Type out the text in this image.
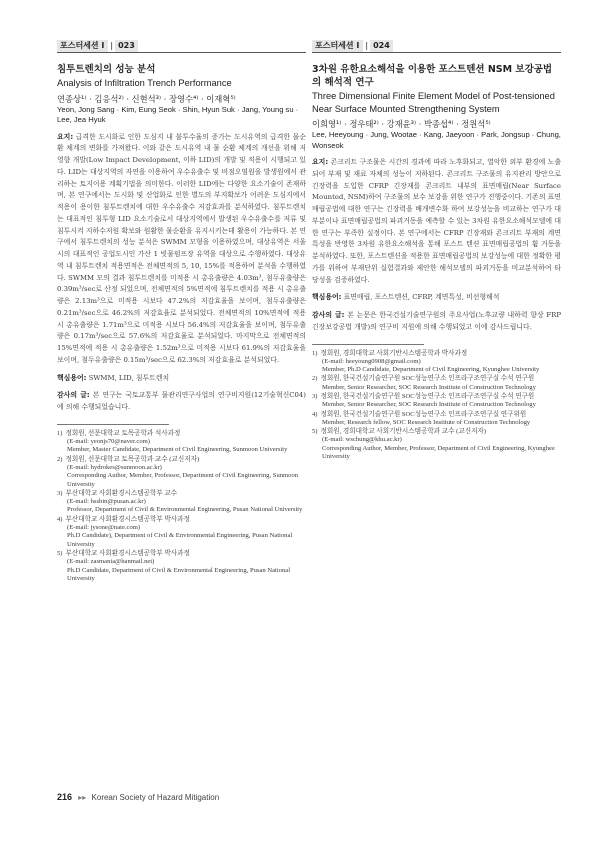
포스터세션 Ⅰ | 023
침투트렌치의 성능 분석
Analysis of Infiltration Trench Performance
연종상¹⁾ · 김응석²⁾ · 신현석³⁾ · 장영수⁴⁾ · 이재혁⁵⁾
Yeon, Jong Sang · Kim, Eung Seok · Shin, Hyun Suk · Jang, Young su · Lee, Jea Hyuk

요지: 급격한 도시화로 인한 도심지 내 불투수율의 증가는 도시유역의 급격한 물순환 체계의 변화를 가져왔다. 이와 같은 도시유역 내 물 순환 체계의 개선을 위해 저영향 개발(Low Impact Development, 이하 LID)의 개발 및 적용이 시행되고 있다. LID는 대상지역의 자연을 이용하여 우수유출수 및 비점오염원을 발생원에서 관리하는 토지이용 계획기법을 의미한다. 이러한 LID에는 다양한 요소기술이 존재하며, 본 연구에서는 도시화 및 산업화로 인한 별도의 부지확보가 어려운 도심지에서 적용이 용이한 침투트렌치에 대한 우수유출수 저감효과를 분석하였다. 침투트렌치는 대표적인 침투형 LID 요소기술로서 대상지역에서 발생된 우수유출수를 저류 및 침투시켜 지하수저원 확보와 원활한 물순환을 유지시키는데 활용이 가능하다. 본 연구에서 침투트렌치의 성능 분석은 SWMM 모형을 이용하였으며, 대상유역은 서울시의 대표적인 공업도시인 가산 1 빗물펌프장 유역을 대상으로 수행하였다. 대상유역 내 침투트렌치 적용면적은 전체면적의 5, 10, 15%를 적용하여 분석을 수행하였다. SWMM 모의 결과 침투트렌치를 미적용 시 총유출량은 4.03m³, 첨두유출량은 0.39m³/sec로 산정 되었으며, 전체면적의 5%면적에 침투트렌치를 적용 시 총유출량은 2.13m³으로 미적용 시보다 47.2%의 저감효율을 보이며, 첨두유출량은 0.21m³/sec으로 46.2%의 저감효율로 분석되었다. 전체면적의 10%면적에 적용시 총유출량은 1.71m³으로 미적용 시보다 56.4%의 저감효율을 보이며, 첨두유출량은 0.17m³/sec으로 57.6%의 저감효율로 분석되었다. 마지막으로 전체면적의 15%면적에 적용 시 총유출량은 1.52m³으로 미적용 시보다 61.9%의 저감효율을 보이며, 첨두유출량은 0.15m³/sec으로 62.3%의 저감효율로 분석되었다.

핵심용어: SWMM, LID, 침투트렌치

감사의 글: 본 연구는 국토교통부 물관리연구사업의 연구비지원(12기술혁신C04)에 의해 수행되었습니다.

1) 정회원, 선문대학교 토목공학과 석사과정
(E-mail: yeonjs70@naver.com)
Member, Master Candidate, Department of Civil Engineering, Sunmoon University
2) 정회원, 선문대학교 토목공학과 교수 (교신저자)
(E-mail: hydrokes@sunmoon.ac.kr)
Corresponding Author, Member, Professor, Department of Civil Engineering, Sunmoon University
3) 부산대학교 사회환경시스템공학부 교수
(E-mail: hsshin@pusan.ac.kr)
Professor, Department of Civil & Environmental Engineering, Pusan National University
4) 부산대학교 사회환경시스템공학부 박사과정
(E-mail: jysone@nate.com)
Ph.D Candidate), Department of Civil & Environmental Engineering, Pusan National University
5) 부산대학교 사회환경시스템공학부 박사과정
(E-mail: zasmania@hanmail.net)
Ph.D Candidate, Department of Civil & Environmental Engineering, Pusan National University
포스터세션 Ⅰ | 024
3차원 유한요소해석을 이용한 포스트텐션 NSM 보강공법의 해석적 연구
Three Dimensional Finite Element Model of Post-tensioned Near Surface Mounted Strengthening System
이희영¹⁾ · 정우태²⁾ · 강재윤³⁾ · 박종섭⁴⁾ · 정원석⁵⁾
Lee, Heeyoung · Jung, Wootae · Kang, Jaeyoon · Park, Jongsup · Chung, Wonseok

요지: 콘크리트 구조물은 시간의 경과에 따라 노후화되고, 열악한 외부 환경에 노출되어 부재 및 재료 자체의 성능이 저하된다. 콘크리트 구조물의 유지관리 방안으로 긴장력을 도입한 CFRP 긴장재를 콘크리트 내부의 표면매립(Near Surface Mounted, NSM)하여 구조물의 보수 보강을 위한 연구가 진행중이다. 기존의 표면매립공법에 대한 연구는 긴장력을 배개변수화 하여 보강성능을 비교하는 연구가 대부분이나 표면매립공법의 파괴거동을 예측할 수 있는 3차원 유한요소해석모델에 대한 연구는 부족한 실정이다. 본 연구에서는 CFRP 긴장재와 콘크리트 부재의 계면 특성을 반영한 3차원 유한요소해석을 통해 포스트 텐션 표면매립공법의 휨 거동을 분석하였다. 또한, 포스트텐션을 적용한 표면매립공법의 보강성능에 대한 정확한 평가를 위하여 부재단위 실험결과와 제안한 해석모델의 파괴거동을 비교분석하여 타당성을 검증하였다.

핵심용어: 표면매립, 포스트텐션, CFRP, 계면특성, 비선형해석

감사의 글: 본 논문은 한국건설기술연구원의 주요사업(노후교량 내하력 향상 FRP 긴장보강공법 개발)의 연구비 지원에 의해 수행되었고 이에 감사드립니다.

1) 정회원, 경희대학교 사회기반시스템공학과 박사과정
(E-mail: heeyoung0908@gmail.com)
Member, Ph.D Candidate, Department of Civil Engineering, Kyunghee University
2) 정회원, 한국건설기술연구원 SOC성능연구소 인프라구조연구실 수석 연구원
Member, Senior Researcher, SOC Research Institute of Construction Technology
3) 정회원, 한국건설기술연구원 SOC성능연구소 인프라구조연구실 수석 연구원
Member, Senior Researcher, SOC Research Institute of Construction Technology
4) 정회원, 한국건설기술연구원 SOC성능연구소 인프라구조연구실 연구위원
Member, Research fellow, SOC Research Institute of Construction Technology
5) 정회원, 경희대학교 사회기반시스템공학과 교수 (교신저자)
(E-mail: wschung@khu.ac.kr)
Corresponding Author, Member, Professor, Department of Civil Engineering, Kyunghee University
216 ▸▸ Korean Society of Hazard Mitigation
